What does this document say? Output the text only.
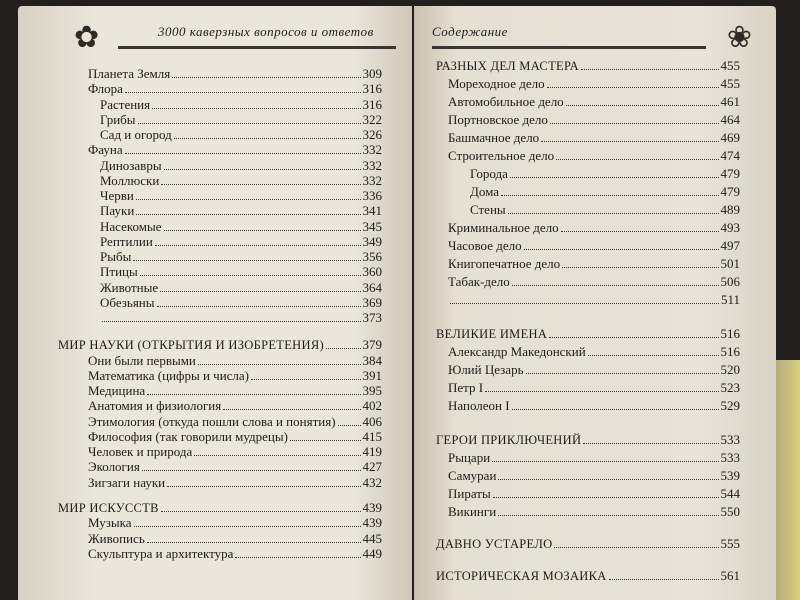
✿	3000 каверзных вопросов и ответов
Планета Земля	309
Флора	316
Растения	316
Грибы	322
Сад и огород	326
Фауна	332
Динозавры	332
Моллюски	332
Черви	336
Пауки	341
Насекомые	345
Рептилии	349
Рыбы	356
Птицы	360
Животные	364
Обезьяны	369
373
МИР НАУКИ (ОТКРЫТИЯ И ИЗОБРЕТЕНИЯ)	379
Они были первыми	384
Математика (цифры и числа)	391
Медицина	395
Анатомия и физиология	402
Этимология (откуда пошли слова и понятия) 406
Философия (так говорили мудрецы)	415
Человек и природа	419
Экология	427
Зигзаги науки	432
МИР ИСКУССТВ	439
Музыка	439
Живопись	445
Скульптура и архитектура	449
Содержание	❀
РАЗНЫХ ДЕЛ МАСТЕРА	455
Мореходное дело	455
Автомобильное дело	461
Портновское дело	464
Башмачное дело	469
Строительное дело	474
Города	479
Дома	479
Стены	489
Криминальное дело	493
Часовое дело	497
Книгопечатное дело	501
Табак-дело	506
511
ВЕЛИКИЕ ИМЕНА	516
Александр Македонский	516
Юлий Цезарь	520
Петр I	523
Наполеон I	529
ГЕРОИ ПРИКЛЮЧЕНИЙ	533
Рыцари	533
Самураи	539
Пираты	544
Викинги	550
ДАВНО УСТАРЕЛО	555
ИСТОРИЧЕСКАЯ МОЗАИКА	561
